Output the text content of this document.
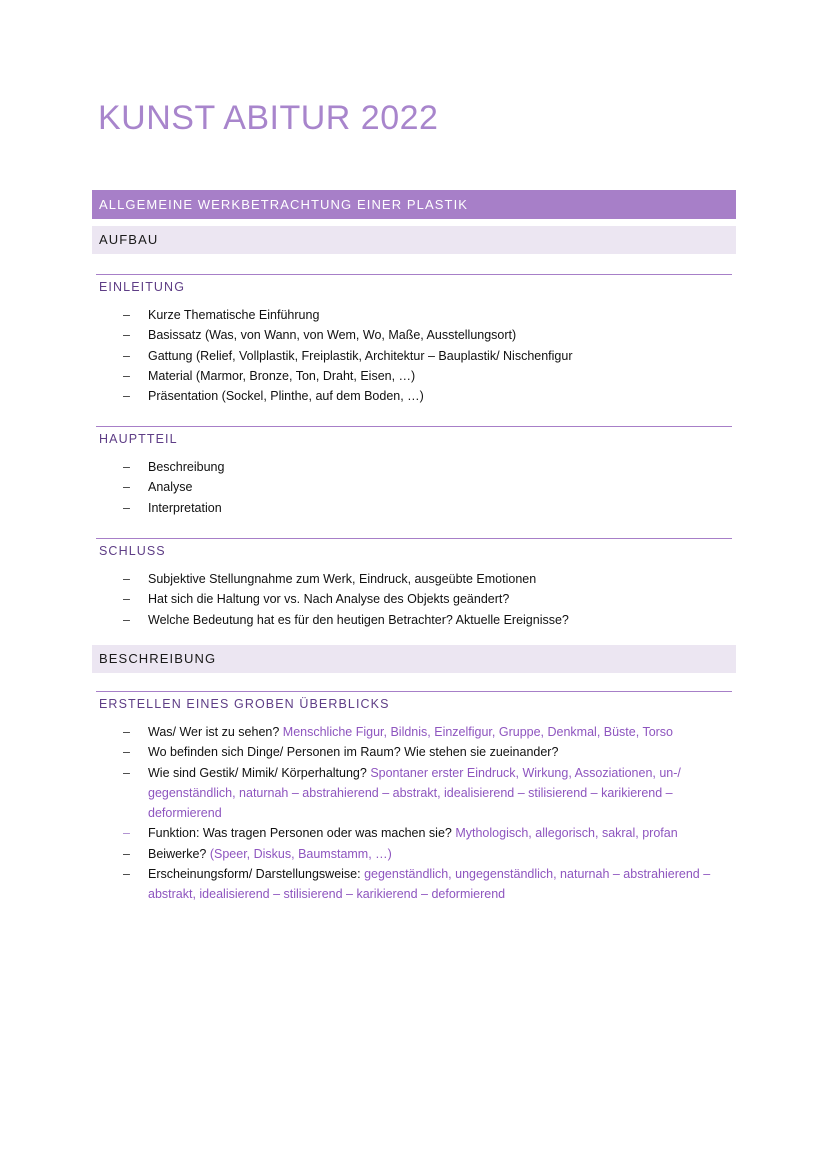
KUNST ABITUR 2022
ALLGEMEINE WERKBETRACHTUNG EINER PLASTIK
AUFBAU
EINLEITUNG
– Kurze Thematische Einführung
– Basissatz (Was, von Wann, von Wem, Wo, Maße, Ausstellungsort)
– Gattung (Relief, Vollplastik, Freiplastik, Architektur – Bauplastik/ Nischenfigur
– Material (Marmor, Bronze, Ton, Draht, Eisen, …)
– Präsentation (Sockel, Plinthe, auf dem Boden, …)
HAUPTTEIL
– Beschreibung
– Analyse
– Interpretation
SCHLUSS
– Subjektive Stellungnahme zum Werk, Eindruck, ausgeübte Emotionen
– Hat sich die Haltung vor vs. Nach Analyse des Objekts geändert?
– Welche Bedeutung hat es für den heutigen Betrachter? Aktuelle Ereignisse?
BESCHREIBUNG
ERSTELLEN EINES GROBEN ÜBERBLICKS
– Was/ Wer ist zu sehen? Menschliche Figur, Bildnis, Einzelfigur, Gruppe, Denkmal, Büste, Torso
– Wo befinden sich Dinge/ Personen im Raum? Wie stehen sie zueinander?
– Wie sind Gestik/ Mimik/ Körperhaltung? Spontaner erster Eindruck, Wirkung, Assoziationen, un-/ gegenständlich, naturnah – abstrahierend – abstrakt, idealisierend – stilisierend – karikierend – deformierend
– Funktion: Was tragen Personen oder was machen sie? Mythologisch, allegorisch, sakral, profan
– Beiwerke? (Speer, Diskus, Baumstamm, …)
– Erscheinungsform/ Darstellungsweise: gegenständlich, ungegenständlich, naturnah – abstrahierend – abstrakt, idealisierend – stilisierend – karikierend – deformierend
